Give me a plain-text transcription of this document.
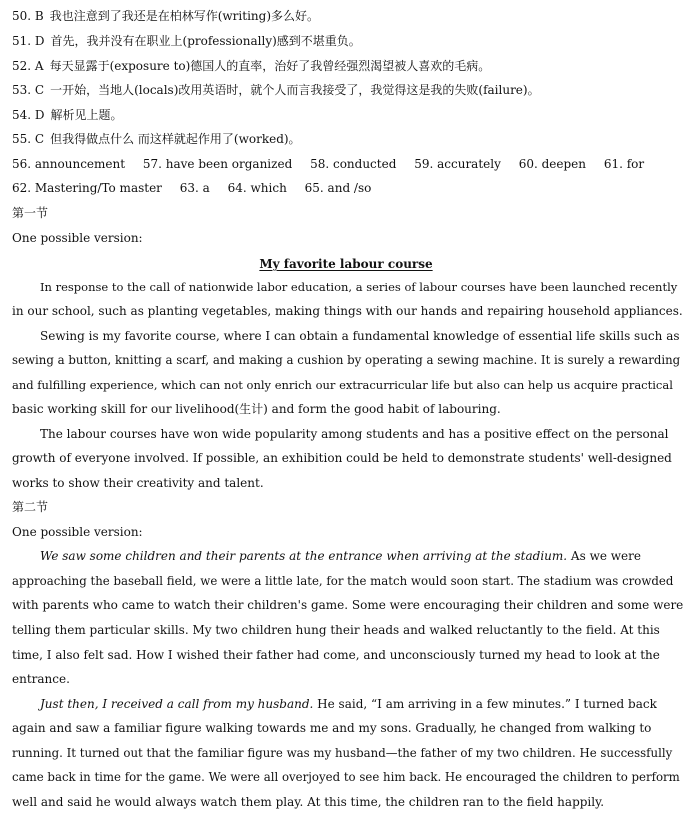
50. B 我也注意到了我还是在柏林写作(writing)多么好。
51. D 首先，我并没有在职业上(professionally)感到不堪重负。
52. A 每天显露于(exposure to)德国人的直率，治好了我曾经强烈渴望被人喜欢的毛病。
53. C 一开始，当地人(locals)改用英语时，就个人而言我接受了，我觉得这是我的失败(failure)。
54. D 解析见上题。
55. C 但我得做点什么 而这样就起作用了(worked)。
56. announcement 57. have been organized 58. conducted 59. accurately 60. deepen 61. for
62. Mastering/To master 63. a 64. which 65. and /so
第一节
One possible version:
My favorite labour course
In response to the call of nationwide labor education, a series of labour courses have been launched recently
in our school, such as planting vegetables, making things with our hands and repairing household appliances.
Sewing is my favorite course, where I can obtain a fundamental knowledge of essential life skills such as
sewing a button, knitting a scarf, and making a cushion by operating a sewing machine. It is surely a rewarding
and fulfilling experience, which can not only enrich our extracurricular life but also can help us acquire practical
basic working skill for our livelihood(生计) and form the good habit of labouring.
The labour courses have won wide popularity among students and has a positive effect on the personal
growth of everyone involved. If possible, an exhibition could be held to demonstrate students' well-designed
works to show their creativity and talent.
第二节
One possible version:
We saw some children and their parents at the entrance when arriving at the stadium. As we were
approaching the baseball field, we were a little late, for the match would soon start. The stadium was crowded
with parents who came to watch their children's game. Some were encouraging their children and some were
telling them particular skills. My two children hung their heads and walked reluctantly to the field. At this
time, I also felt sad. How I wished their father had come, and unconsciously turned my head to look at the
entrance.
Just then, I received a call from my husband. He said, “I am arriving in a few minutes.” I turned back
again and saw a familiar figure walking towards me and my sons. Gradually, he changed from walking to
running. It turned out that the familiar figure was my husband—the father of my two children. He successfully
came back in time for the game. We were all overjoyed to see him back. He encouraged the children to perform
well and said he would always watch them play. At this time, the children ran to the field happily.
